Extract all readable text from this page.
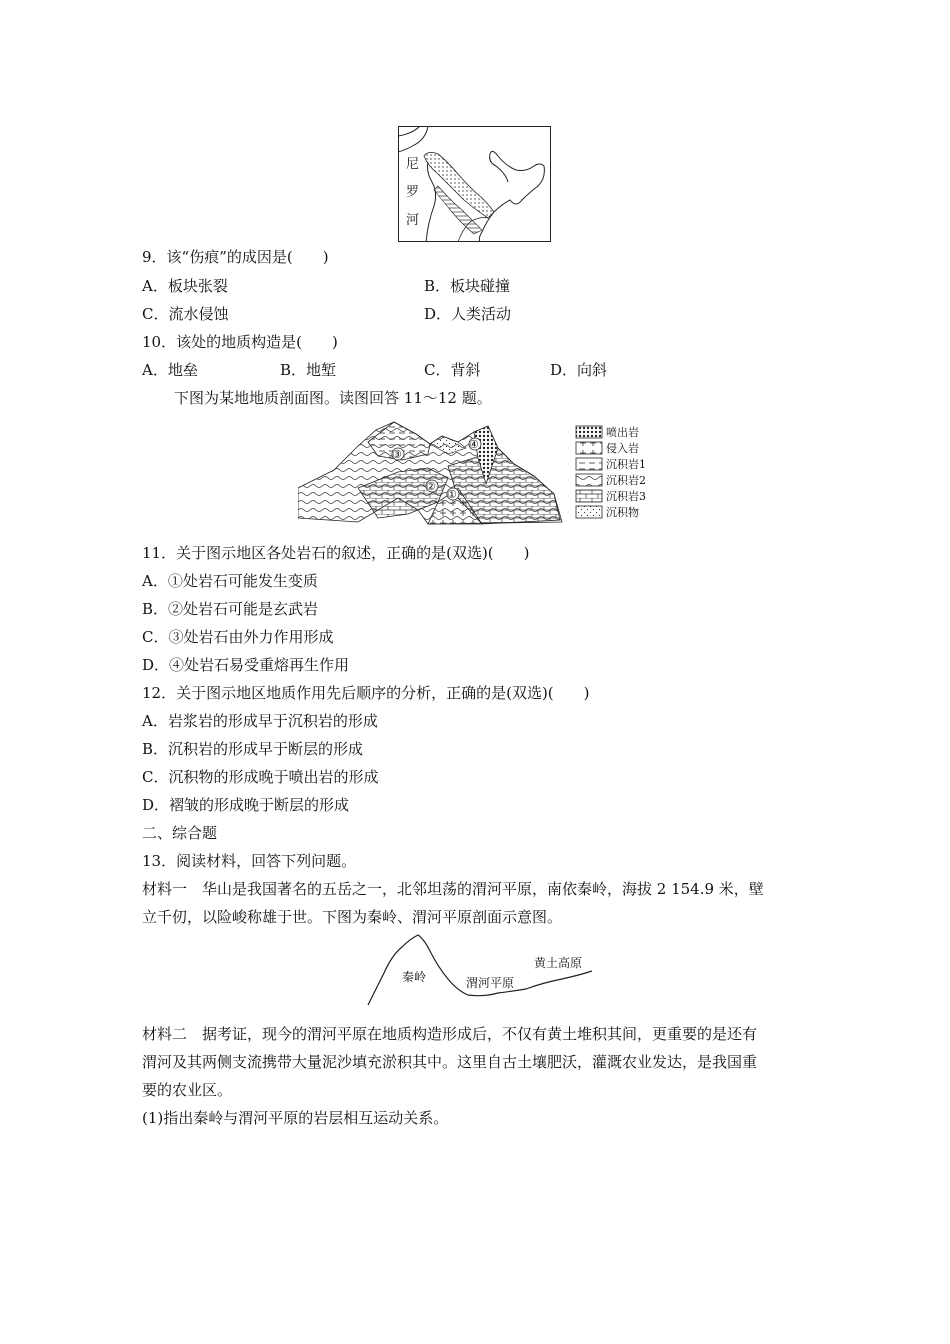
尼
罗
河
9．该“伤痕”的成因是(　　)
A．板块张裂	B．板块碰撞
C．流水侵蚀	D．人类活动
10．该处的地质构造是(　　)
A．地垒	B．地堑	C．背斜	D．向斜
下图为某地地质剖面图。读图回答 11～12 题。
③
②
①
④
喷出岩
侵入岩
沉积岩1
沉积岩2
沉积岩3
沉积物
11．关于图示地区各处岩石的叙述，正确的是(双选)(　　)
A．①处岩石可能发生变质
B．②处岩石可能是玄武岩
C．③处岩石由外力作用形成
D．④处岩石易受重熔再生作用
12．关于图示地区地质作用先后顺序的分析，正确的是(双选)(　　)
A．岩浆岩的形成早于沉积岩的形成
B．沉积岩的形成早于断层的形成
C．沉积物的形成晚于喷出岩的形成
D．褶皱的形成晚于断层的形成
二、综合题
13．阅读材料，回答下列问题。
材料一　华山是我国著名的五岳之一，北邻坦荡的渭河平原，南依秦岭，海拔 2 154.9 米，壁
立千仞，以险峻称雄于世。下图为秦岭、渭河平原剖面示意图。
秦岭	渭河平原
黄土高原
材料二　据考证，现今的渭河平原在地质构造形成后，不仅有黄土堆积其间，更重要的是还有
渭河及其两侧支流携带大量泥沙填充淤积其中。这里自古土壤肥沃，灌溉农业发达，是我国重
要的农业区。
(1)指出秦岭与渭河平原的岩层相互运动关系。
